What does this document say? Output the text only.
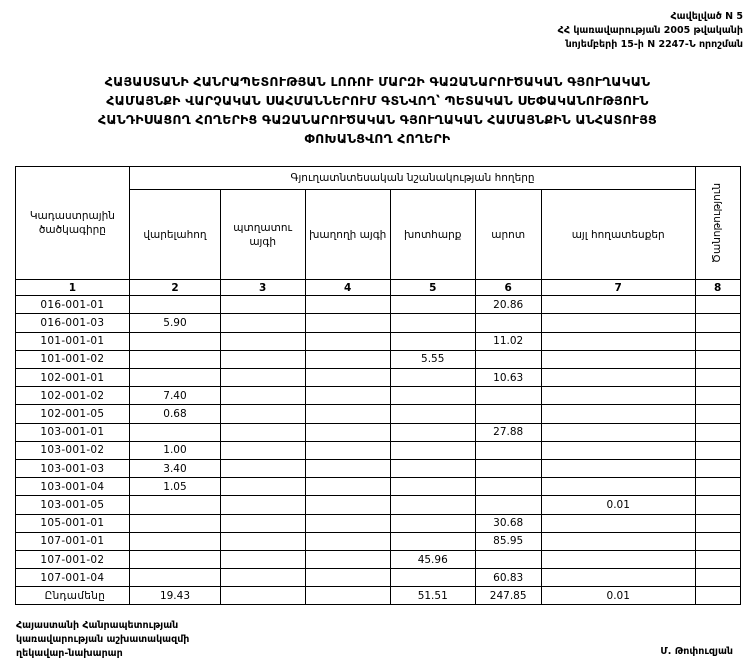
Հավելված N 5
ՀՀ կառավարության 2005 թվականի
նոյեմբերի 15-ի N 2247-Ն որոշման
ՀԱՅԱՍՏԱՆԻ ՀԱՆՐԱՊԵՏՈՒԹՅԱՆ ԼՈՌՈՒ ՄԱՐԶԻ ԳԱԶԱՆԱՐՈՒԾԱԿԱՆ ԳՅՈՒՂԱԿԱՆ
ՀԱՄԱՅՆՔԻ ՎԱՐՉԱԿԱՆ ՍԱՀՄԱՆՆԵՐՈՒՄ ԳՏՆՎՈՂ՝ ՊԵՏԱԿԱՆ ՍԵՓԱԿԱՆՈՒԹՅՈՒՆ
ՀԱՆԴԻՍԱՑՈՂ ՀՈՂԵՐԻՑ ԳԱԶԱՆԱՐՈՒԾԱԿԱՆ ԳՅՈՒՂԱԿԱՆ ՀԱՄԱՅՆՔԻՆ ԱՆՀԱՏՈՒՅՑ
ՓՈԽԱՆՑՎՈՂ ՀՈՂԵՐԻ
Կադաստրային ծածկագիրը	Գյուղատնտեսական նշանակության հողերը						Ծանոթություն

	վարելահող	պտղատու այգի	խաղողի այգի	խոտհարք	արոտ	այլ հողատեսքեր	
1	2	3	4	5	6	7	8
016-001-01					20.86		
016-001-03	5.90						
101-001-01					11.02		
101-001-02				5.55			
102-001-01					10.63		
102-001-02	7.40						
102-001-05	0.68						
103-001-01					27.88		
103-001-02	1.00						
103-001-03	3.40						
103-001-04	1.05						
103-001-05						0.01	
105-001-01					30.68		
107-001-01					85.95		
107-001-02				45.96			
107-001-04					60.83		
Ընդամենը	19.43			51.51	247.85	0.01	
Հայաստանի Հանրապետության
կառավարության աշխատակազմի
ղեկավար-նախարար	Մ. Թոփուզյան
